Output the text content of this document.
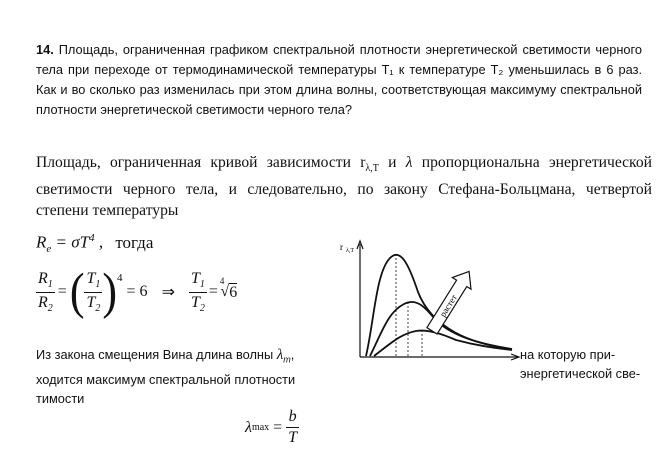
14. Площадь, ограниченная графиком спектральной плотности энергетической светимости черного тела при переходе от термодинамической температуры T₁ к температуре T₂ уменьшилась в 6 раз. Как и во сколько раз изменилась при этом длина волны, соответствующая максимуму спектральной плотности энергетической светимости черного тела?

Площадь, ограниченная кривой зависимости $r_{\lambda,T}$ и λ пропорциональна энергетической светимости черного тела, и следовательно, по закону Стефана-Больцмана, четвертой степени температуры

$R_e = \sigma T^4$ , тогда
$\frac{R_1}{R_2}$ = ( $\frac{T_1}{T_2} )^4$
= 6 ⇒ $\frac{T_1}{T_2}$ =
$^4$
√ 6
r λ,T
растет

Из закона смещения Вина длина волны $\lambda_m$,
ходится максимум спектральной плотности
тимости

на которую при-
энергетической све-

λ $\max = \frac{b}{T}$
